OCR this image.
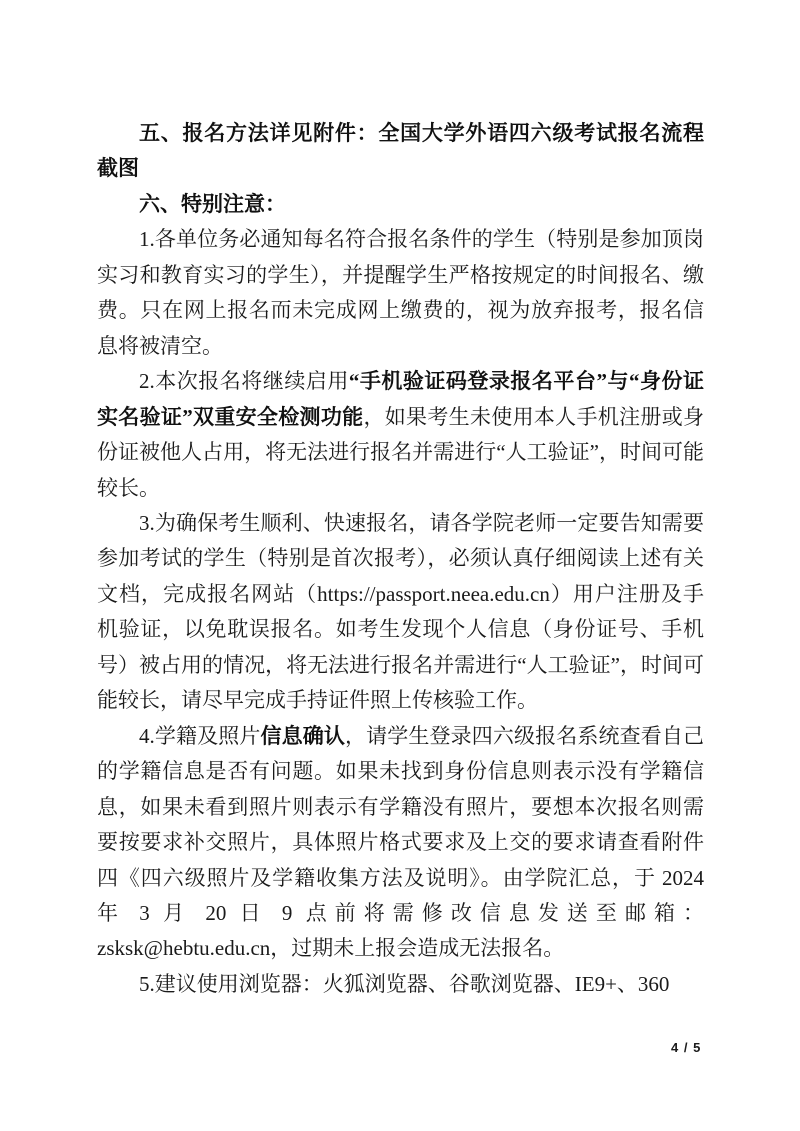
五、报名方法详见附件：全国大学外语四六级考试报名流程截图

六、特别注意：

1.各单位务必通知每名符合报名条件的学生（特别是参加顶岗实习和教育实习的学生），并提醒学生严格按规定的时间报名、缴费。只在网上报名而未完成网上缴费的，视为放弃报考，报名信息将被清空。

2.本次报名将继续启用“手机验证码登录报名平台”与“身份证实名验证”双重安全检测功能，如果考生未使用本人手机注册或身份证被他人占用，将无法进行报名并需进行“人工验证”，时间可能较长。

3.为确保考生顺利、快速报名，请各学院老师一定要告知需要参加考试的学生（特别是首次报考），必须认真仔细阅读上述有关文档，完成报名网站（https://passport.neea.edu.cn）用户注册及手机验证，以免耽误报名。如考生发现个人信息（身份证号、手机号）被占用的情况，将无法进行报名并需进行“人工验证”，时间可能较长，请尽早完成手持证件照上传核验工作。

4.学籍及照片信息确认，请学生登录四六级报名系统查看自己的学籍信息是否有问题。如果未找到身份信息则表示没有学籍信息，如果未看到照片则表示有学籍没有照片，要想本次报名则需要按要求补交照片，具体照片格式要求及上交的要求请查看附件四《四六级照片及学籍收集方法及说明》。由学院汇总，于 2024 年 3 月 20 日 9 点前将需修改信息发送至邮箱：zsksk@hebtu.edu.cn，过期未上报会造成无法报名。

5.建议使用浏览器：火狐浏览器、谷歌浏览器、IE9+、360

4 / 5
